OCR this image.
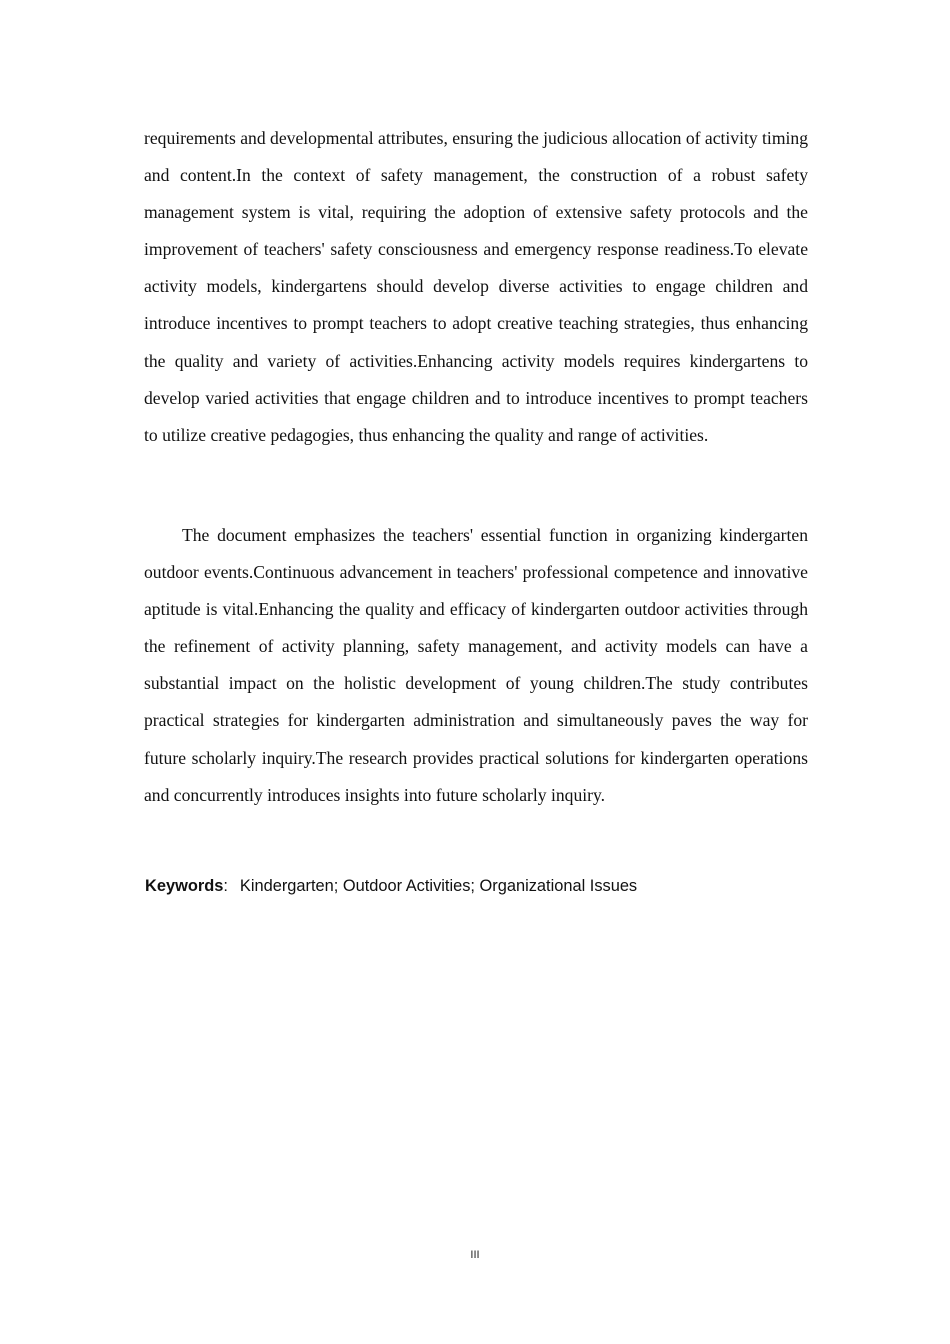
requirements and developmental attributes, ensuring the judicious allocation of activity timing and content.In the context of safety management, the construction of a robust safety management system is vital, requiring the adoption of extensive safety protocols and the improvement of teachers' safety consciousness and emergency response readiness.To elevate activity models, kindergartens should develop diverse activities to engage children and introduce incentives to prompt teachers to adopt creative teaching strategies, thus enhancing the quality and variety of activities.Enhancing activity models requires kindergartens to develop varied activities that engage children and to introduce incentives to prompt teachers to utilize creative pedagogies, thus enhancing the quality and range of activities.

The document emphasizes the teachers' essential function in organizing kindergarten outdoor events.Continuous advancement in teachers' professional competence and innovative aptitude is vital.Enhancing the quality and efficacy of kindergarten outdoor activities through the refinement of activity planning, safety management, and activity models can have a substantial impact on the holistic development of young children.The study contributes practical strategies for kindergarten administration and simultaneously paves the way for future scholarly inquiry.The research provides practical solutions for kindergarten operations and concurrently introduces insights into future scholarly inquiry.

Keywords: Kindergarten; Outdoor Activities; Organizational Issues

III
